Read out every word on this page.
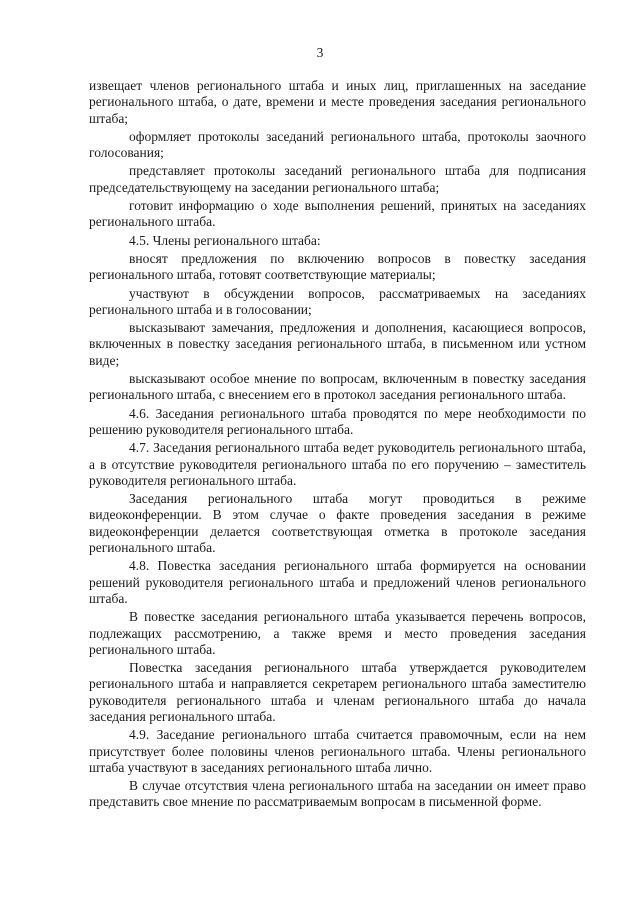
3

извещает членов регионального штаба и иных лиц, приглашенных на заседание регионального штаба, о дате, времени и месте проведения заседания регионального штаба;

оформляет протоколы заседаний регионального штаба, протоколы заочного голосования;

представляет протоколы заседаний регионального штаба для подписания председательствующему на заседании регионального штаба;

готовит информацию о ходе выполнения решений, принятых на заседаниях регионального штаба.

4.5. Члены регионального штаба:

вносят предложения по включению вопросов в повестку заседания регионального штаба, готовят соответствующие материалы;

участвуют в обсуждении вопросов, рассматриваемых на заседаниях регионального штаба и в голосовании;

высказывают замечания, предложения и дополнения, касающиеся вопросов, включенных в повестку заседания регионального штаба, в письменном или устном виде;

высказывают особое мнение по вопросам, включенным в повестку заседания регионального штаба, с внесением его в протокол заседания регионального штаба.

4.6. Заседания регионального штаба проводятся по мере необходимости по решению руководителя регионального штаба.

4.7. Заседания регионального штаба ведет руководитель регионального штаба, а в отсутствие руководителя регионального штаба по его поручению – заместитель руководителя регионального штаба.

Заседания регионального штаба могут проводиться в режиме видеоконференции. В этом случае о факте проведения заседания в режиме видеоконференции делается соответствующая отметка в протоколе заседания регионального штаба.

4.8. Повестка заседания регионального штаба формируется на основании решений руководителя регионального штаба и предложений членов регионального штаба.

В повестке заседания регионального штаба указывается перечень вопросов, подлежащих рассмотрению, а также время и место проведения заседания регионального штаба.

Повестка заседания регионального штаба утверждается руководителем регионального штаба и направляется секретарем регионального штаба заместителю руководителя регионального штаба и членам регионального штаба до начала заседания регионального штаба.

4.9. Заседание регионального штаба считается правомочным, если на нем присутствует более половины членов регионального штаба. Члены регионального штаба участвуют в заседаниях регионального штаба лично.

В случае отсутствия члена регионального штаба на заседании он имеет право представить свое мнение по рассматриваемым вопросам в письменной форме.
